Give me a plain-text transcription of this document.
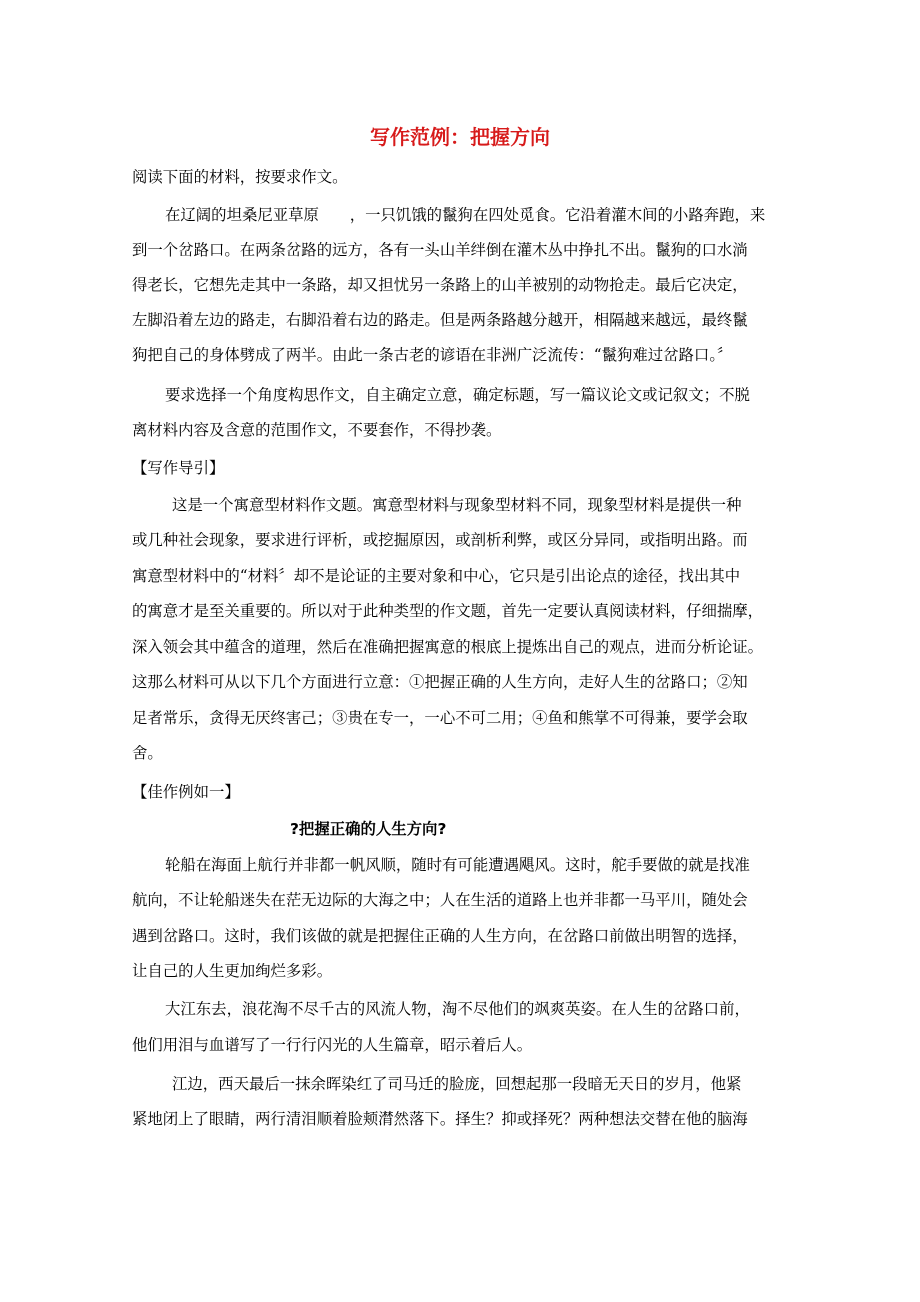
写作范例：把握方向
阅读下面的材料，按要求作文。
在辽阔的坦桑尼亚草原　　，一只饥饿的鬣狗在四处觅食。它沿着灌木间的小路奔跑，来
到一个岔路口。在两条岔路的远方，各有一头山羊绊倒在灌木丛中挣扎不出。鬣狗的口水淌
得老长，它想先走其中一条路，却又担忧另一条路上的山羊被别的动物抢走。最后它决定，
左脚沿着左边的路走，右脚沿着右边的路走。但是两条路越分越开，相隔越来越远，最终鬣
狗把自己的身体劈成了两半。由此一条古老的谚语在非洲广泛流传：“鬣狗难过岔路口。〞
要求选择一个角度构思作文，自主确定立意，确定标题，写一篇议论文或记叙文；不脱
离材料内容及含意的范围作文，不要套作，不得抄袭。
【写作导引】
这是一个寓意型材料作文题。寓意型材料与现象型材料不同，现象型材料是提供一种
或几种社会现象，要求进行评析，或挖掘原因，或剖析利弊，或区分异同，或指明出路。而
寓意型材料中的“材料〞却不是论证的主要对象和中心，它只是引出论点的途径，找出其中
的寓意才是至关重要的。所以对于此种类型的作文题，首先一定要认真阅读材料，仔细揣摩，
深入领会其中蕴含的道理，然后在准确把握寓意的根底上提炼出自己的观点，进而分析论证。
这那么材料可从以下几个方面进行立意：①把握正确的人生方向，走好人生的岔路口；②知
足者常乐，贪得无厌终害己；③贵在专一，一心不可二用；④鱼和熊掌不可得兼，要学会取
舍。
【佳作例如一】
?把握正确的人生方向?
轮船在海面上航行并非都一帆风顺，随时有可能遭遇飓风。这时，舵手要做的就是找准
航向，不让轮船迷失在茫无边际的大海之中；人在生活的道路上也并非都一马平川，随处会
遇到岔路口。这时，我们该做的就是把握住正确的人生方向，在岔路口前做出明智的选择，
让自己的人生更加绚烂多彩。
大江东去，浪花淘不尽千古的风流人物，淘不尽他们的飒爽英姿。在人生的岔路口前，
他们用泪与血谱写了一行行闪光的人生篇章，昭示着后人。
江边，西天最后一抹余晖染红了司马迁的脸庞，回想起那一段暗无天日的岁月，他紧
紧地闭上了眼睛，两行清泪顺着脸颊潸然落下。择生？抑或择死？两种想法交替在他的脑海
